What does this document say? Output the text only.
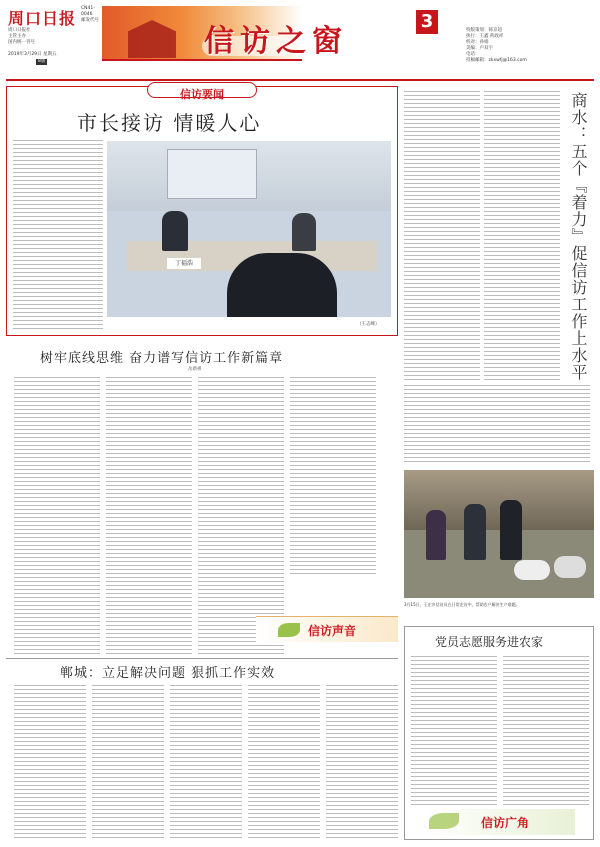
周口日报
周口日报社
主管主办
国内统一刊号
CN41-0046
邮发代号
2019年3月29日 星期五
8版
信访之窗
3	特版策划：韩京超
执行：王鑫 药政祥
校对：孙娟
美编：卢双宇
电话：
投稿邮箱：zkxwfj@163.com
信访要闻
市长接访 情暖人心
丁福浩
（王志峰）
树牢底线思维 奋力谱写信访工作新篇章
岳新祖
信访声音
郸城：立足解决问题 狠抓工作实效
商水：五个『着力』促信访工作上水平
3月15日，王庄乡信访员在日常走访中，帮助农户解决生产难题。
党员志愿服务进农家
信访广角
